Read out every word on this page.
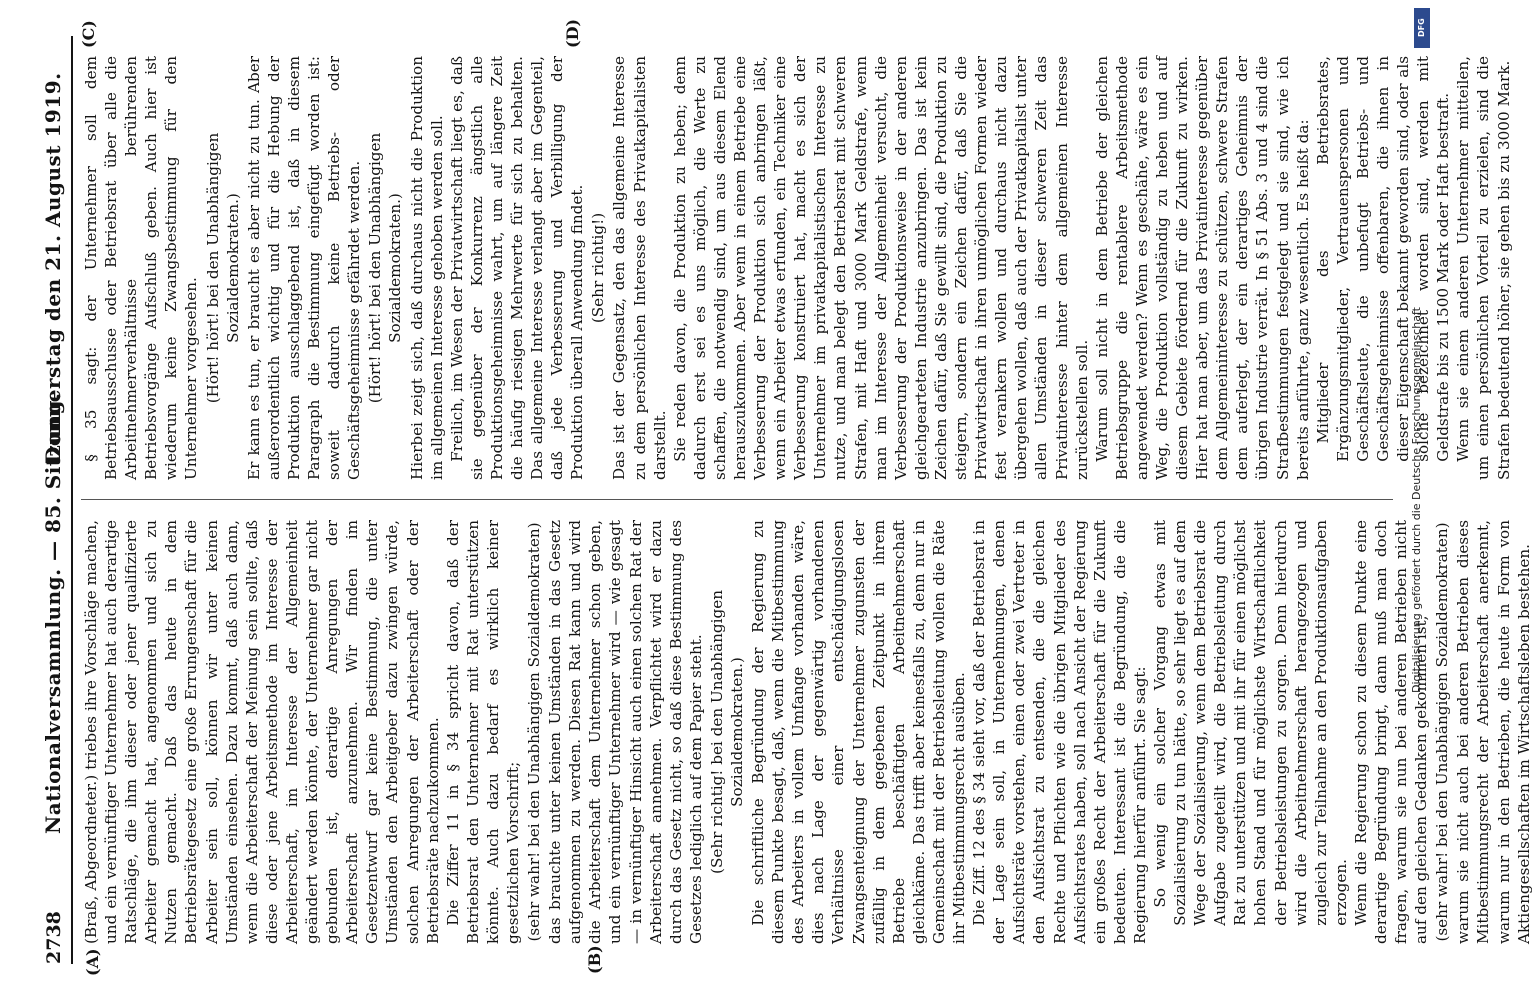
2738
Nationalversammlung. — 85. Sitzung.
Donnerstag den 21. August 1919.
(A)	(B)
(C)	(D)

(Braß, Abgeordneter.) triebes ihre Vorschläge machen, und ein vernünftiger Unternehmer hat auch derartige Ratschläge, die ihm dieser oder jener qualifizierte Arbeiter gemacht hat, angenommen und sich zu Nutzen gemacht. Daß das heute in dem Betriebsrätegesetz eine große Errungenschaft für die Arbeiter sein soll, können wir unter keinen Umständen einsehen. Dazu kommt, daß auch dann, wenn die Arbeiterschaft der Meinung sein sollte, daß diese oder jene Arbeitsmethode im Interesse der Arbeiterschaft, im Interesse der Allgemeinheit geändert werden könnte, der Unternehmer gar nicht gebunden ist, derartige Anregungen der Arbeiterschaft anzunehmen. Wir finden im Gesetzentwurf gar keine Bestimmung, die unter Umständen den Arbeitgeber dazu zwingen würde, solchen Anregungen der Arbeiterschaft oder der Betriebsräte nachzukommen. Die Ziffer 11 in § 34 spricht davon, daß der Betriebsrat den Unternehmer mit Rat unterstützen könnte. Auch dazu bedarf es wirklich keiner gesetzlichen Vorschrift; (sehr wahr! bei den Unabhängigen Sozialdemokraten) das brauchte unter keinen Umständen in das Gesetz aufgenommen zu werden. Diesen Rat kann und wird die Arbeiterschaft dem Unternehmer schon geben, und ein vernünftiger Unternehmer wird — wie gesagt — in vernünftiger Hinsicht auch einen solchen Rat der Arbeiterschaft annehmen. Verpflichtet wird er dazu durch das Gesetz nicht, so daß diese Bestimmung des Gesetzes lediglich auf dem Papier steht. (Sehr richtig! bei den Unabhängigen Sozialdemokraten.) Die schriftliche Begründung der Regierung zu diesem Punkte besagt, daß, wenn die Mitbestimmung des Arbeiters in vollem Umfange vorhanden wäre, dies nach Lage der gegenwärtig vorhandenen Verhältnisse einer entschädigungslosen Zwangsenteignung der Unternehmer zugunsten der zufällig in dem gegebenen Zeitpunkt in ihrem Betriebe beschäftigten Arbeitnehmerschaft gleichkäme. Das trifft aber keinesfalls zu, denn nur in Gemeinschaft mit der Betriebsleitung wollen die Räte ihr Mitbestimmungsrecht ausüben. Die Ziff. 12 des § 34 sieht vor, daß der Betriebsrat in der Lage sein soll, in Unternehmungen, denen Aufsichtsräte vorstehen, einen oder zwei Vertreter in den Aufsichtsrat zu entsenden, die die gleichen Rechte und Pflichten wie die übrigen Mitglieder des Aufsichtsrates haben, soll nach Ansicht der Regierung ein großes Recht der Arbeiterschaft für die Zukunft bedeuten. Interessant ist die Begründung, die die Regierung hierfür anführt. Sie sagt: So wenig ein solcher Vorgang etwas mit Sozialisierung zu tun hätte, so sehr liegt es auf dem Wege der Sozialisierung, wenn dem Betriebsrat die Aufgabe zugeteilt wird, die Betriebsleitung durch Rat zu unterstützen und mit ihr für einen möglichst hohen Stand und für möglichste Wirtschaftlichkeit der Betriebsleistungen zu sorgen. Denn hierdurch wird die Arbeitnehmerschaft herangezogen und zugleich zur Teilnahme an den Produktionsaufgaben erzogen. Wenn die Regierung schon zu diesem Punkte eine derartige Begründung bringt, dann muß man doch fragen, warum sie nun bei anderen Betrieben nicht auf den gleichen Gedanken gekommen ist, (sehr wahr! bei den Unabhängigen Sozialdemokraten) warum sie nicht auch bei anderen Betrieben dieses Mitbestimmungsrecht der Arbeiterschaft anerkennt, warum nur in den Betrieben, die heute in Form von Aktiengesellschaften im Wirtschaftsleben bestehen.

§ 35 sagt: der Unternehmer soll dem Betriebsausschusse oder Betriebsrat über alle die Arbeitnehmerverhältnisse berührenden Betriebsvorgänge Aufschluß geben. Auch hier ist wiederum keine Zwangsbestimmung für den Unternehmer vorgesehen. (Hört! hört! bei den Unabhängigen Sozialdemokraten.) Er kann es tun, er braucht es aber nicht zu tun. Aber außerordentlich wichtig und für die Hebung der Produktion ausschlaggebend ist, daß in diesem Paragraph die Bestimmung eingefügt worden ist: soweit dadurch keine Betriebs- oder Geschäftsgeheimnisse gefährdet werden. (Hört! hört! bei den Unabhängigen Sozialdemokraten.) Hierbei zeigt sich, daß durchaus nicht die Produktion im allgemeinen Interesse gehoben werden soll. Freilich, im Wesen der Privatwirtschaft liegt es, daß sie gegenüber der Konkurrenz ängstlich alle Produktionsgeheimnisse wahrt, um auf längere Zeit die häufig riesigen Mehrwerte für sich zu behalten. Das allgemeine Interesse verlangt aber im Gegenteil, daß jede Verbesserung und Verbilligung der Produktion überall Anwendung findet. (Sehr richtig!) Das ist der Gegensatz, den das allgemeine Interesse zu dem persönlichen Interesse des Privatkapitalisten darstellt. Sie reden davon, die Produktion zu heben; denn dadurch erst sei es uns möglich, die Werte zu schaffen, die notwendig sind, um aus diesem Elend herauszukommen. Aber wenn in einem Betriebe eine Verbesserung der Produktion sich anbringen läßt, wenn ein Arbeiter etwas erfunden, ein Techniker eine Verbesserung konstruiert hat, macht es sich der Unternehmer im privatkapitalistischen Interesse zu nutze, und man belegt den Betriebsrat mit schweren Strafen, mit Haft und 3000 Mark Geldstrafe, wenn man im Interesse der Allgemeinheit versucht, die Verbesserung der Produktionsweise in der anderen gleichgearteten Industrie anzubringen. Das ist kein Zeichen dafür, daß Sie gewillt sind, die Produktion zu steigern, sondern ein Zeichen dafür, daß Sie die Privatwirtschaft in ihren unmöglichen Formen wieder fest verankern wollen und durchaus nicht dazu übergehen wollen, daß auch der Privatkapitalist unter allen Umständen in dieser schweren Zeit das Privatinteresse hinter dem allgemeinen Interesse zurückstellen soll. Warum soll nicht in dem Betriebe der gleichen Betriebsgruppe die rentablere Arbeitsmethode angewendet werden? Wenn es geschähe, wäre es ein Weg, die Produktion vollständig zu heben und auf diesem Gebiete fördernd für die Zukunft zu wirken. Hier hat man aber, um das Privatinteresse gegenüber dem Allgemeininteresse zu schützen, schwere Strafen dem auferlegt, der ein derartiges Geheimnis der übrigen Industrie verrät. In § 51 Abs. 3 und 4 sind die Strafbestimmungen festgelegt und sie sind, wie ich bereits anführte, ganz wesentlich. Es heißt da: Mitglieder des Betriebsrates, Ergänzungsmitglieder, Vertrauenspersonen und Geschäftsleute, die unbefugt Betriebs- und Geschäftsgeheimnisse offenbaren, die ihnen in dieser Eigenschaft bekannt geworden sind, oder als solche bezeichnet worden sind, werden mit Geldstrafe bis zu 1500 Mark oder Haft bestraft. Wenn sie einem anderen Unternehmer mitteilen, um einen persönlichen Vorteil zu erzielen, sind die Strafen bedeutend höher, sie gehen bis zu 3000 Mark.

DFG
Digitalisierung gefördert durch die Deutsche Forschungsgemeinschaft
